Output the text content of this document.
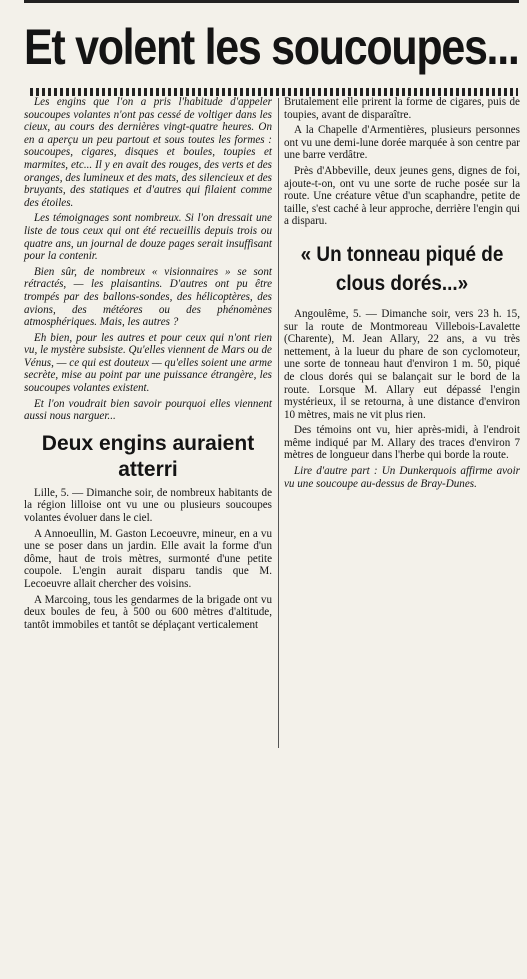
Et volent les soucoupes...

Les engins que l'on a pris l'habitude d'appeler soucoupes volantes n'ont pas cessé de voltiger dans les cieux, au cours des dernières vingt-quatre heures. On en a aperçu un peu partout et sous toutes les formes : soucoupes, cigares, disques et boules, toupies et marmites, etc... Il y en avait des rouges, des verts et des oranges, des lumineux et des mats, des silencieux et des bruyants, des statiques et d'autres qui filaient comme des étoiles.

Les témoignages sont nombreux. Si l'on dressait une liste de tous ceux qui ont été recueillis depuis trois ou quatre ans, un journal de douze pages serait insuffisant pour la contenir.

Bien sûr, de nombreux « visionnaires » se sont rétractés, — les plaisantins. D'autres ont pu être trompés par des ballons-sondes, des hélicoptères, des avions, des météores ou des phénomènes atmosphériques. Mais, les autres ?

Eh bien, pour les autres et pour ceux qui n'ont rien vu, le mystère subsiste. Qu'elles viennent de Mars ou de Vénus, — ce qui est douteux — qu'elles soient une arme secrète, mise au point par une puissance étrangère, les soucoupes volantes existent.

Et l'on voudrait bien savoir pourquoi elles viennent aussi nous narguer...

Deux engins auraient atterri

Lille, 5. — Dimanche soir, de nombreux habitants de la région lilloise ont vu une ou plusieurs soucoupes volantes évoluer dans le ciel.

A Annoeullin, M. Gaston Lecoeuvre, mineur, en a vu une se poser dans un jardin. Elle avait la forme d'un dôme, haut de trois mètres, surmonté d'une petite coupole. L'engin aurait disparu tandis que M. Lecoeuvre allait chercher des voisins.

A Marcoing, tous les gendarmes de la brigade ont vu deux boules de feu, à 500 ou 600 mètres d'altitude, tantôt immobiles et tantôt se déplaçant verticalement

Brutalement elle prirent la forme de cigares, puis de toupies, avant de disparaître.

A la Chapelle d'Armentières, plusieurs personnes ont vu une demi-lune dorée marquée à son centre par une barre verdâtre.

Près d'Abbeville, deux jeunes gens, dignes de foi, ajoute-t-on, ont vu une sorte de ruche posée sur la route. Une créature vêtue d'un scaphandre, petite de taille, s'est caché à leur approche, derrière l'engin qui a disparu.

« Un tonneau piqué de clous dorés...»

Angoulême, 5. — Dimanche soir, vers 23 h. 15, sur la route de Montmoreau Villebois-Lavalette (Charente), M. Jean Allary, 22 ans, a vu très nettement, à la lueur du phare de son cyclomoteur, une sorte de tonneau haut d'environ 1 m. 50, piqué de clous dorés qui se balançait sur le bord de la route. Lorsque M. Allary eut dépassé l'engin mystérieux, il se retourna, à une distance d'environ 10 mètres, mais ne vit plus rien.

Des témoins ont vu, hier après-midi, à l'endroit même indiqué par M. Allary des traces d'environ 7 mètres de longueur dans l'herbe qui borde la route.

Lire d'autre part : Un Dunkerquois affirme avoir vu une soucoupe au-dessus de Bray-Dunes.
